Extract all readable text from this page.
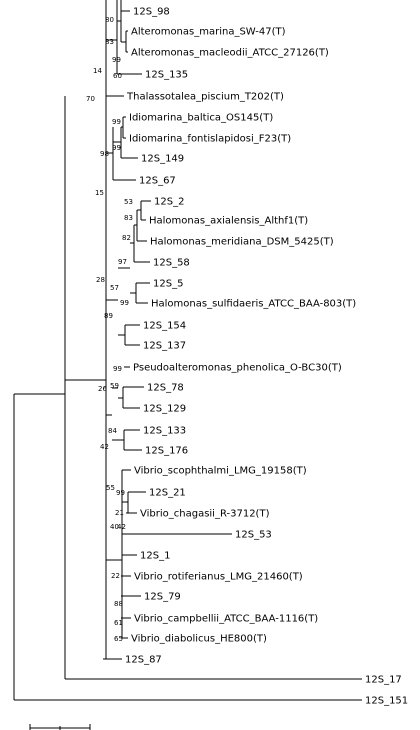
12S_98
Alteromonas_marina_SW-47(T)
Alteromonas_macleodii_ATCC_27126(T)
12S_135
Thalassotalea_piscium_T202(T)
Idiomarina_baltica_OS145(T)
Idiomarina_fontislapidosi_F23(T)
12S_149
12S_67
12S_2
Halomonas_axialensis_Althf1(T)
Halomonas_meridiana_DSM_5425(T)
12S_58
12S_5
Halomonas_sulfidaeris_ATCC_BAA-803(T)
12S_154
12S_137
Pseudoalteromonas_phenolica_O-BC30(T)
12S_78
12S_129
12S_133
12S_176
Vibrio_scophthalmi_LMG_19158(T)
12S_21
Vibrio_chagasii_R-3712(T)
12S_53
12S_1
Vibrio_rotiferianus_LMG_21460(T)
12S_79
Vibrio_campbellii_ATCC_BAA-1116(T)
Vibrio_diabolicus_HE800(T)
12S_87
12S_17
12S_151
80
83
99
14
60
70
99
99
98
15
53
83
82
97
28
57
99
89
99
26 59
84
42
55
99
21
40
42
22
88
61
65
